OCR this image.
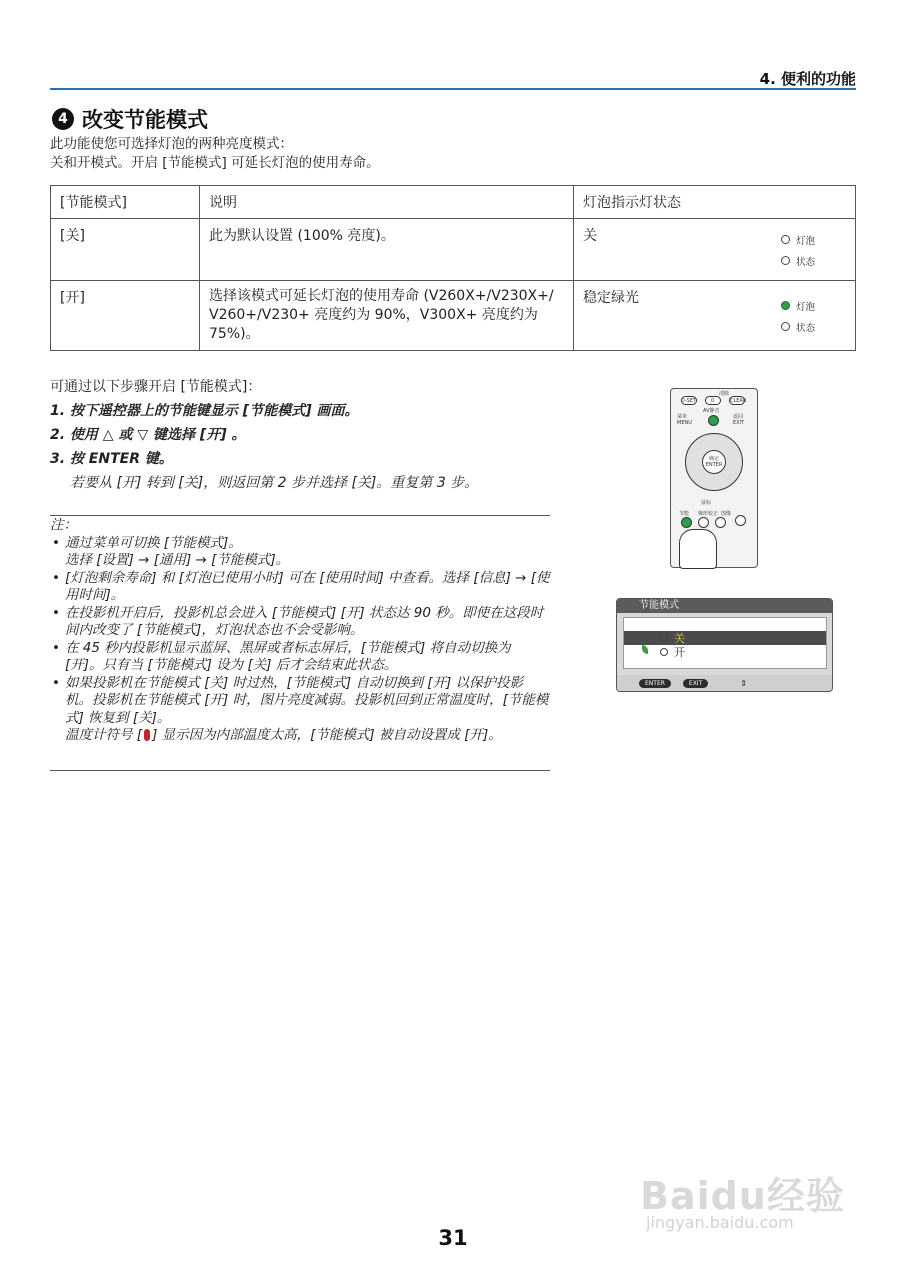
4. 便利的功能
4 改变节能模式
此功能使您可选择灯泡的两种亮度模式：
关和开模式。开启 [节能模式] 可延长灯泡的使用寿命。
[节能模式]	说明	灯泡指示灯状态
[关]	此为默认设置 (100% 亮度)。	关 灯泡
状态

[开]	选择该模式可延长灯泡的使用寿命 (V260X+/V230X+/ V260+/V230+ 亮度约为 90%，V300X+ 亮度约为 75%)。	稳定绿光
灯泡
状态
可通过以下步骤开启 [节能模式]：
1. 按下遥控器上的节能键显示 [节能模式] 画面。
2. 使用 △ 或 ▽ 键选择 [开] 。
3. 按 ENTER 键。
若要从 [开] 转到 [关]，则返回第 2 步并选择 [关]。重复第 3 步。
注：
• 通过菜单可切换 [节能模式]。
选择 [设置] → [通用] → [节能模式]。
• [灯泡剩余寿命] 和 [灯泡已使用小时] 可在 [使用时间] 中查看。选择 [信息] → [使用时间]。
• 在投影机开启后，投影机总会进入 [节能模式] [开] 状态达 90 秒。即使在这段时间内改变了 [节能模式]，灯泡状态也不会受影响。
• 在 45 秒内投影机显示蓝屏、黑屏或者标志屏后，[节能模式] 将自动切换为 [开]。只有当 [节能模式] 设为 [关] 后才会结束此状态。
• 如果投影机在节能模式 [关] 时过热，[节能模式] 自动切换到 [开] 以保护投影机。投影机在节能模式 [开] 时，图片亮度减弱。投影机回到正常温度时，[节能模式] 恢复到 [关]。
温度计符号 [ ] 显示因为内部温度太高，[节能模式] 被自动设置成 [开]。
清除
D-SET	0	CLEAR
AV静音
菜单 MENU
返回 EXIT
确定 ENTER
鼠标
节能 梯形校正 图像
节能模式
关
开
ENTER	EXIT	⇕
Baidu经验
jingyan.baidu.com
31
